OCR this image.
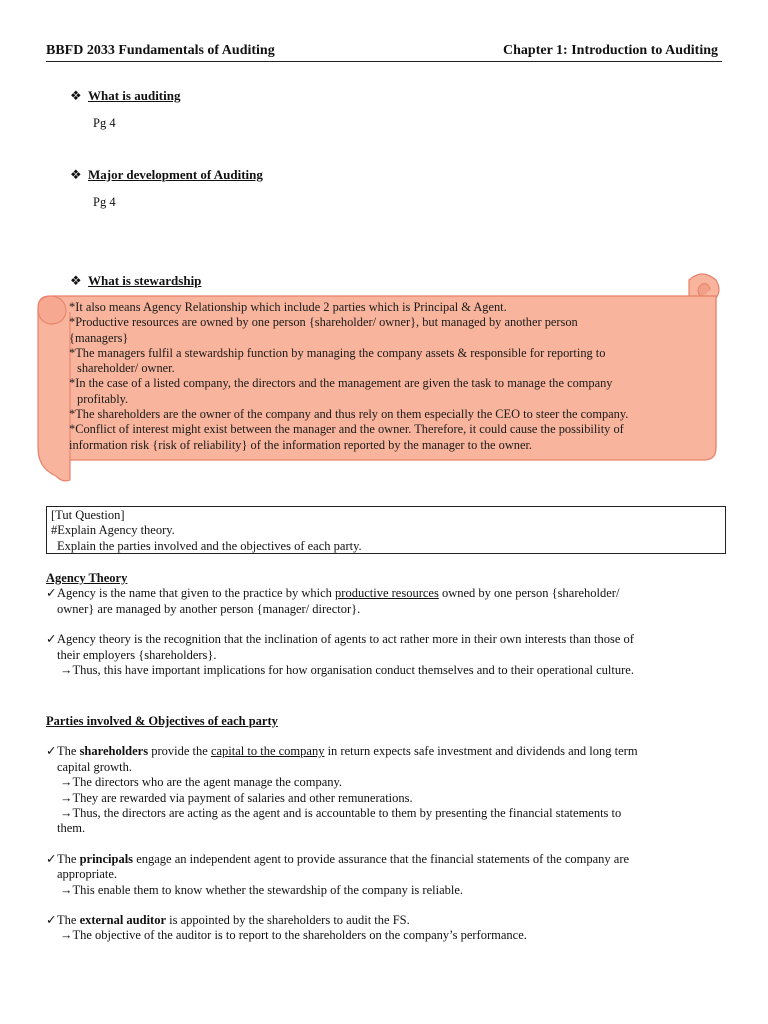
BBFD 2033 Fundamentals of Auditing	Chapter 1: Introduction to Auditing
❖ What is auditing
Pg 4
❖ Major development of Auditing
Pg 4
❖ What is stewardship
*It also means Agency Relationship which include 2 parties which is Principal & Agent.
*Productive resources are owned by one person {shareholder/ owner}, but managed by another person
{managers}
*The managers fulfil a stewardship function by managing the company assets & responsible for reporting to
shareholder/ owner.
*In the case of a listed company, the directors and the management are given the task to manage the company
profitably.
*The shareholders are the owner of the company and thus rely on them especially the CEO to steer the company.
*Conflict of interest might exist between the manager and the owner. Therefore, it could cause the possibility of
information risk {risk of reliability} of the information reported by the manager to the owner.
[Tut Question]
#Explain Agency theory.
Explain the parties involved and the objectives of each party.
Agency Theory
✓Agency is the name that given to the practice by which productive resources owned by one person {shareholder/
owner} are managed by another person {manager/ director}.
✓Agency theory is the recognition that the inclination of agents to act rather more in their own interests than those of
their employers {shareholders}.
→Thus, this have important implications for how organisation conduct themselves and to their operational culture.
Parties involved & Objectives of each party
✓The shareholders provide the capital to the company in return expects safe investment and dividends and long term
capital growth.
→The directors who are the agent manage the company.
→They are rewarded via payment of salaries and other remunerations.
→Thus, the directors are acting as the agent and is accountable to them by presenting the financial statements to
them.
✓The principals engage an independent agent to provide assurance that the financial statements of the company are
appropriate.
→This enable them to know whether the stewardship of the company is reliable.
✓The external auditor is appointed by the shareholders to audit the FS.
→The objective of the auditor is to report to the shareholders on the company’s performance.
